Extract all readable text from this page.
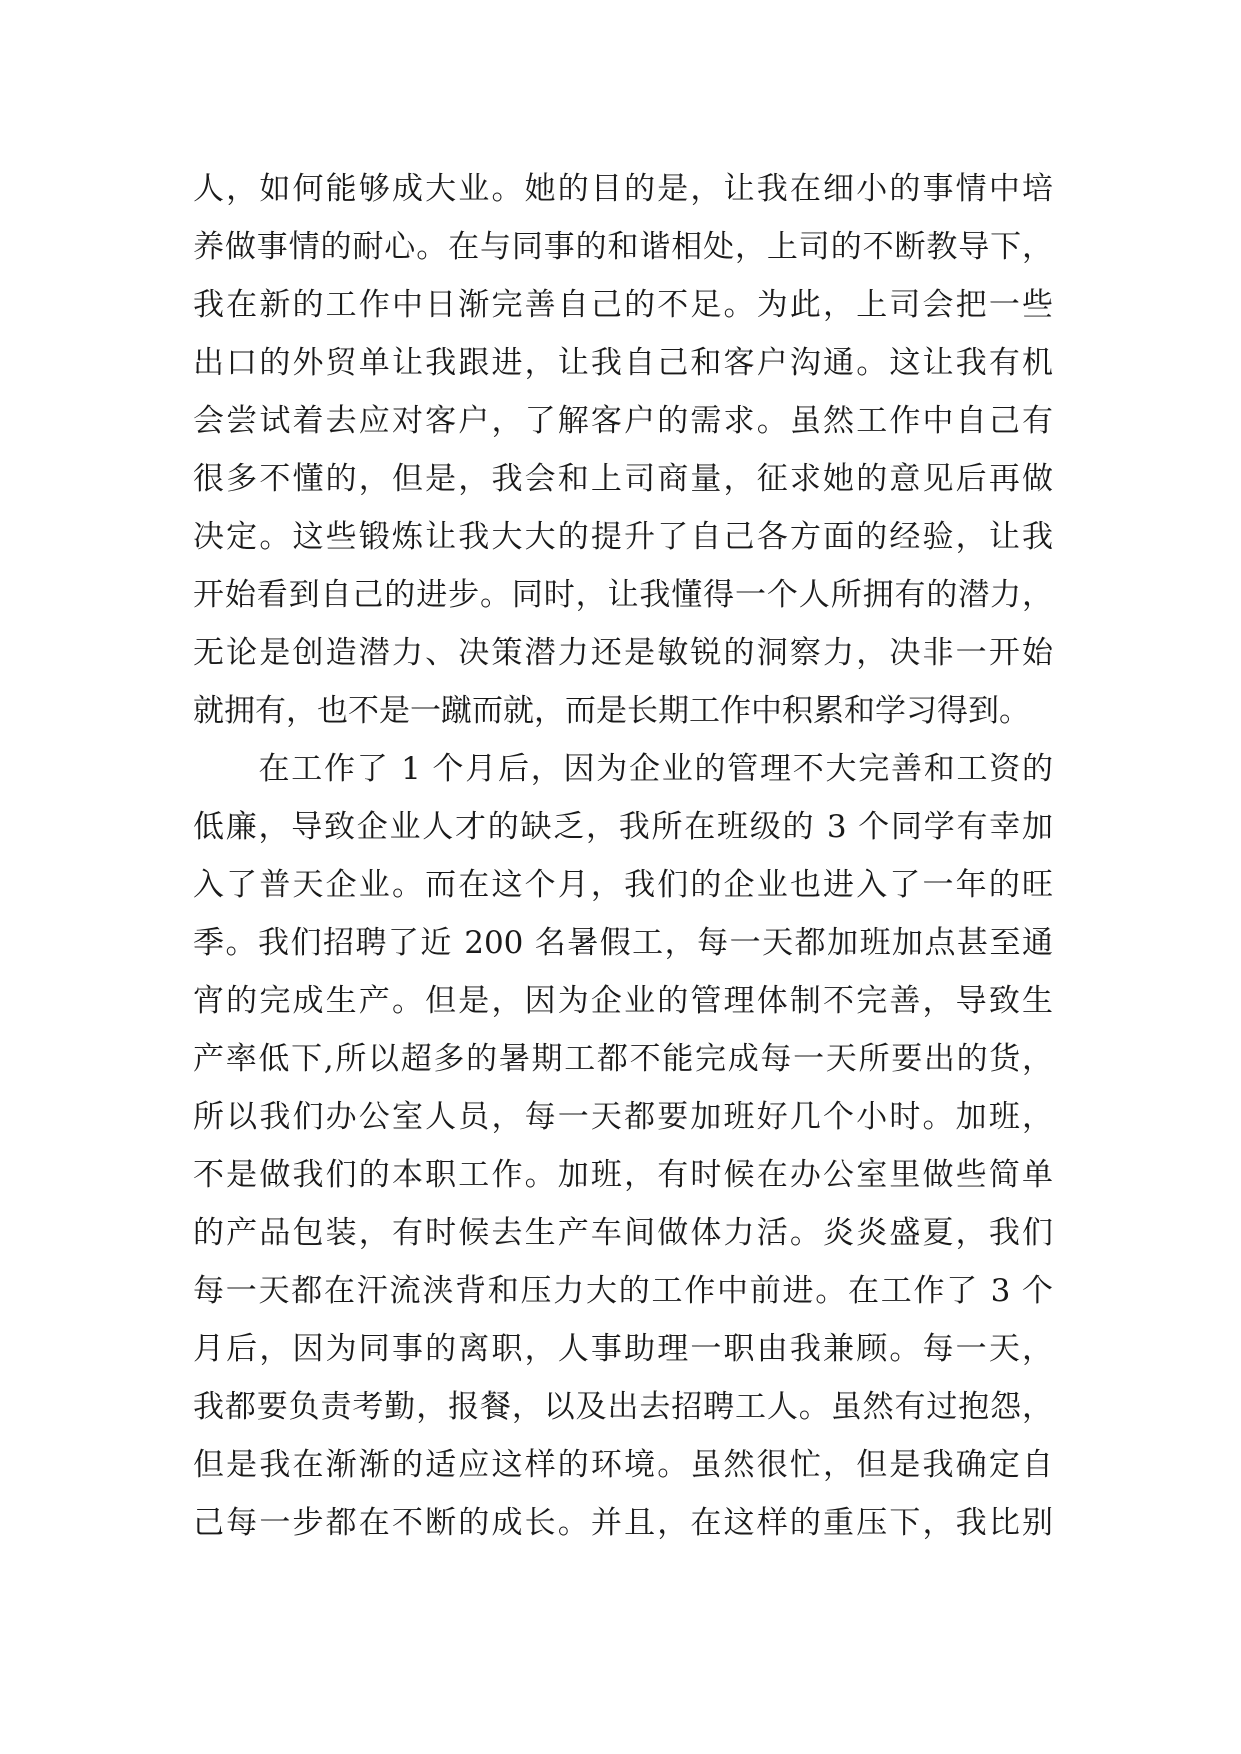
人，如何能够成大业。她的目的是，让我在细小的事情中培
养做事情的耐心。在与同事的和谐相处，上司的不断教导下，
我在新的工作中日渐完善自己的不足。为此，上司会把一些
出口的外贸单让我跟进，让我自己和客户沟通。这让我有机
会尝试着去应对客户，了解客户的需求。虽然工作中自己有
很多不懂的，但是，我会和上司商量，征求她的意见后再做
决定。这些锻炼让我大大的提升了自己各方面的经验，让我
开始看到自己的进步。同时，让我懂得一个人所拥有的潜力，
无论是创造潜力、决策潜力还是敏锐的洞察力，决非一开始
就拥有，也不是一蹴而就，而是长期工作中积累和学习得到。
　　在工作了 1 个月后，因为企业的管理不大完善和工资的
低廉，导致企业人才的缺乏，我所在班级的 3 个同学有幸加
入了普天企业。而在这个月，我们的企业也进入了一年的旺
季。我们招聘了近 200 名暑假工，每一天都加班加点甚至通
宵的完成生产。但是，因为企业的管理体制不完善，导致生
产率低下,所以超多的暑期工都不能完成每一天所要出的货，
所以我们办公室人员，每一天都要加班好几个小时。加班，
不是做我们的本职工作。加班，有时候在办公室里做些简单
的产品包装，有时候去生产车间做体力活。炎炎盛夏，我们
每一天都在汗流浃背和压力大的工作中前进。在工作了 3 个
月后，因为同事的离职，人事助理一职由我兼顾。每一天，
我都要负责考勤，报餐，以及出去招聘工人。虽然有过抱怨，
但是我在渐渐的适应这样的环境。虽然很忙，但是我确定自
己每一步都在不断的成长。并且，在这样的重压下，我比别
